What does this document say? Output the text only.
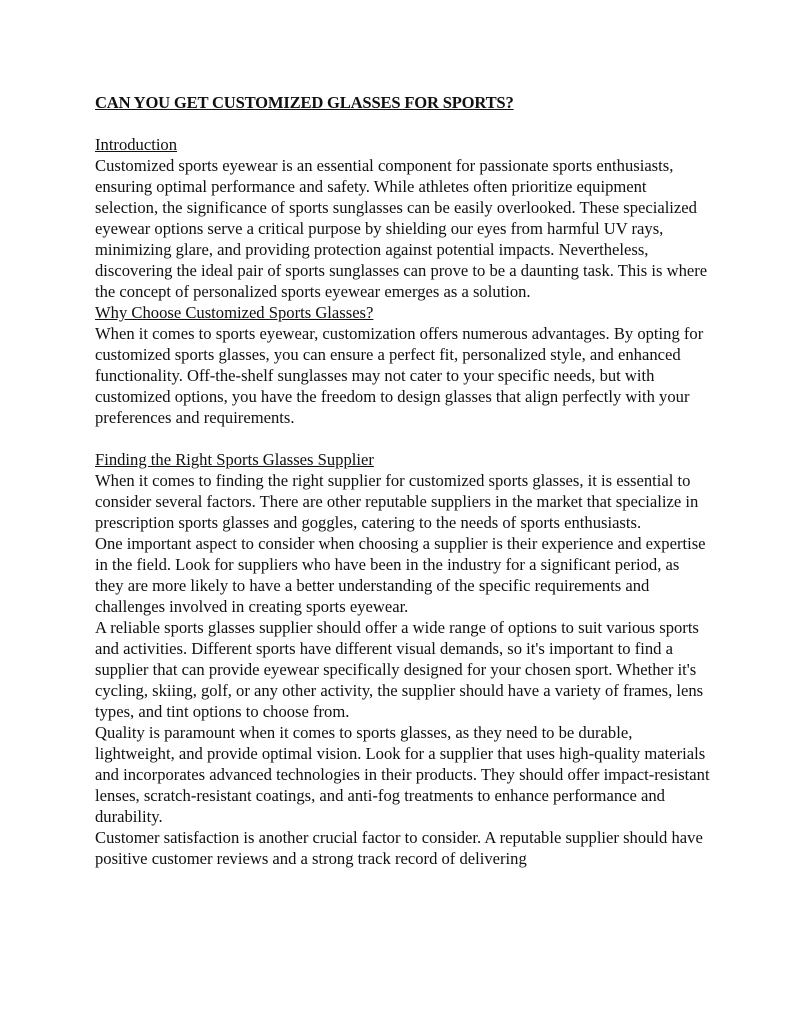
CAN YOU GET CUSTOMIZED GLASSES FOR SPORTS?
Introduction

Customized sports eyewear is an essential component for passionate sports enthusiasts, ensuring optimal performance and safety. While athletes often prioritize equipment selection, the significance of sports sunglasses can be easily overlooked. These specialized eyewear options serve a critical purpose by shielding our eyes from harmful UV rays, minimizing glare, and providing protection against potential impacts. Nevertheless, discovering the ideal pair of sports sunglasses can prove to be a daunting task. This is where the concept of personalized sports eyewear emerges as a solution.

Why Choose Customized Sports Glasses?

When it comes to sports eyewear, customization offers numerous advantages. By opting for customized sports glasses, you can ensure a perfect fit, personalized style, and enhanced functionality. Off-the-shelf sunglasses may not cater to your specific needs, but with customized options, you have the freedom to design glasses that align perfectly with your preferences and requirements.

Finding the Right Sports Glasses Supplier

When it comes to finding the right supplier for customized sports glasses, it is essential to consider several factors. There are other reputable suppliers in the market that specialize in prescription sports glasses and goggles, catering to the needs of sports enthusiasts.

One important aspect to consider when choosing a supplier is their experience and expertise in the field. Look for suppliers who have been in the industry for a significant period, as they are more likely to have a better understanding of the specific requirements and challenges involved in creating sports eyewear.

A reliable sports glasses supplier should offer a wide range of options to suit various sports and activities. Different sports have different visual demands, so it's important to find a supplier that can provide eyewear specifically designed for your chosen sport. Whether it's cycling, skiing, golf, or any other activity, the supplier should have a variety of frames, lens types, and tint options to choose from.

Quality is paramount when it comes to sports glasses, as they need to be durable, lightweight, and provide optimal vision. Look for a supplier that uses high-quality materials and incorporates advanced technologies in their products. They should offer impact-resistant lenses, scratch-resistant coatings, and anti-fog treatments to enhance performance and durability.

Customer satisfaction is another crucial factor to consider. A reputable supplier should have positive customer reviews and a strong track record of delivering
